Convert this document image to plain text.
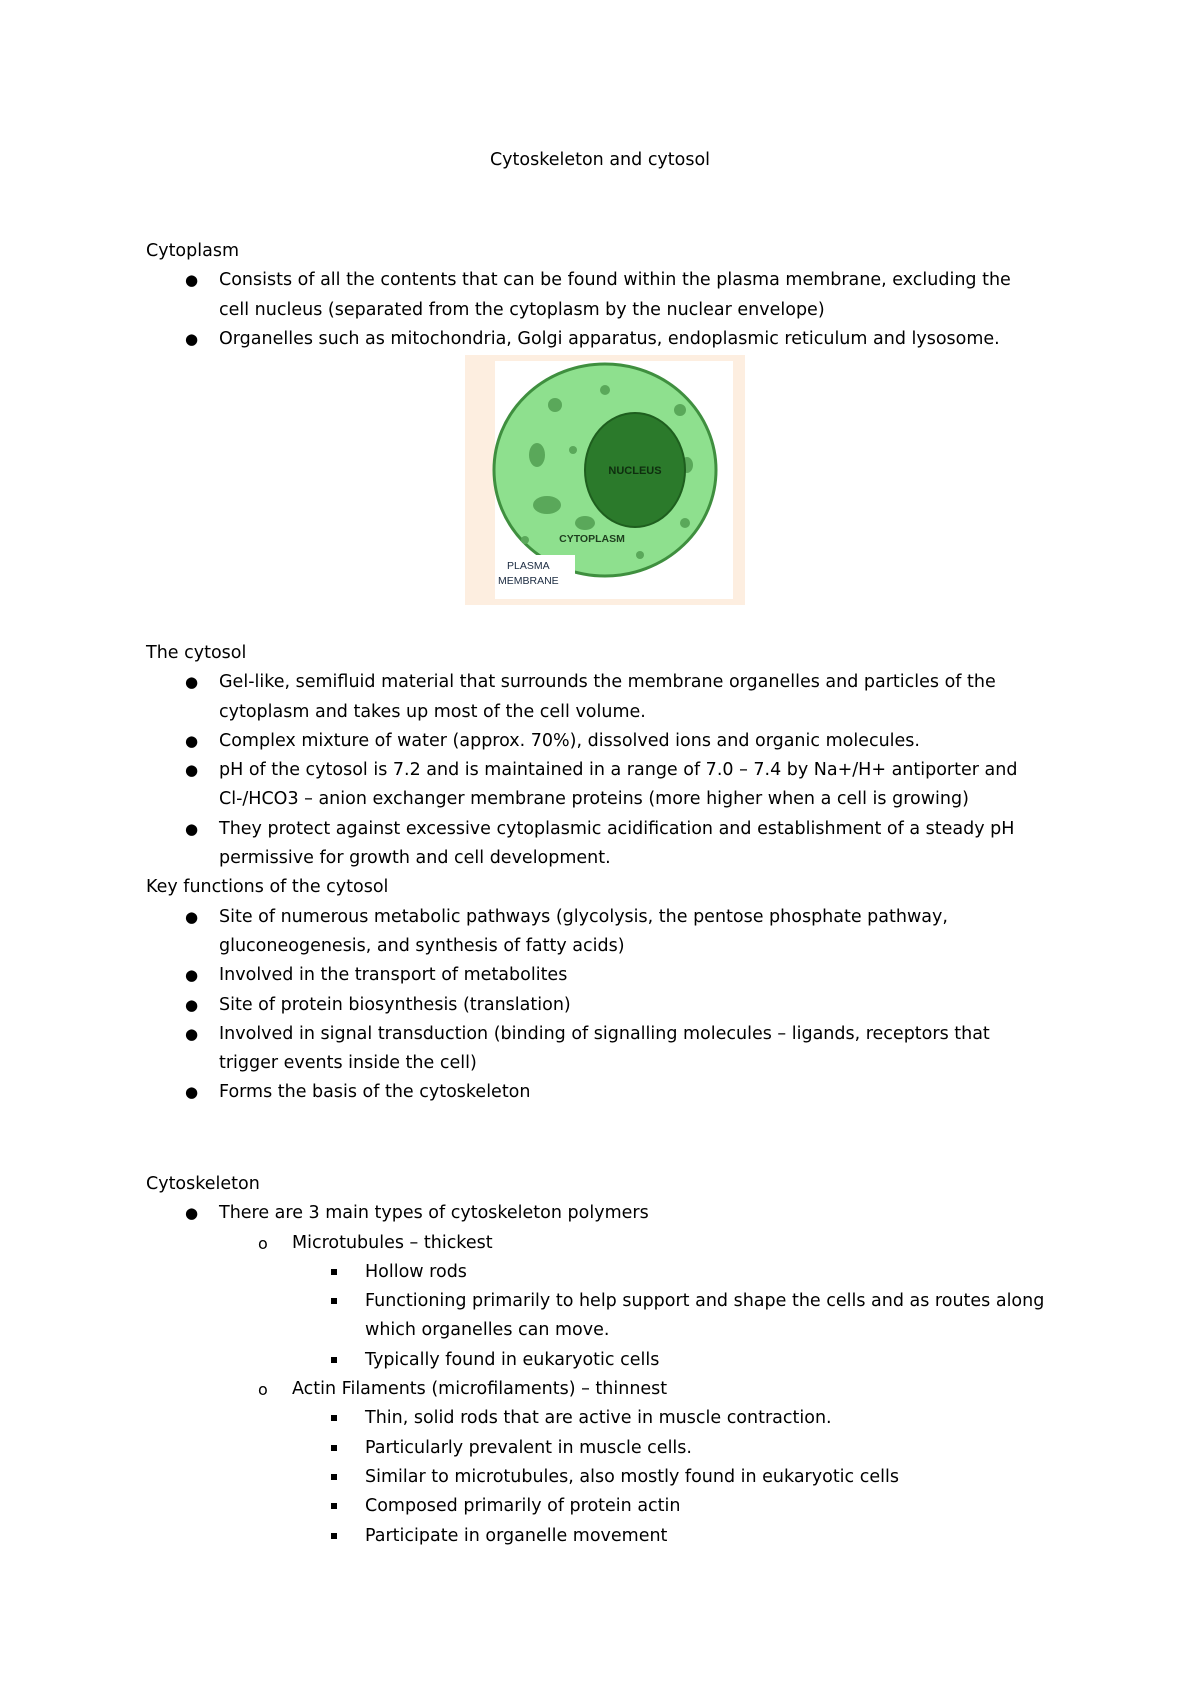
Cytoskeleton and cytosol
Cytoplasm
● Consists of all the contents that can be found within the plasma membrane, excluding the cell nucleus (separated from the cytoplasm by the nuclear envelope)
● Organelles such as mitochondria, Golgi apparatus, endoplasmic reticulum and lysosome.
NUCLEUS
CYTOPLASM
PLASMA
MEMBRANE
The cytosol
● Gel-like, semifluid material that surrounds the membrane organelles and particles of the cytoplasm and takes up most of the cell volume.
● Complex mixture of water (approx. 70%), dissolved ions and organic molecules.
● pH of the cytosol is 7.2 and is maintained in a range of 7.0 – 7.4 by Na+/H+ antiporter and Cl-/HCO3 – anion exchanger membrane proteins (more higher when a cell is growing)
● They protect against excessive cytoplasmic acidification and establishment of a steady pH permissive for growth and cell development.
Key functions of the cytosol
● Site of numerous metabolic pathways (glycolysis, the pentose phosphate pathway, gluconeogenesis, and synthesis of fatty acids)
● Involved in the transport of metabolites
● Site of protein biosynthesis (translation)
● Involved in signal transduction (binding of signalling molecules – ligands, receptors that trigger events inside the cell)
● Forms the basis of the cytoskeleton
Cytoskeleton
● There are 3 main types of cytoskeleton polymers
o Microtubules – thickest
Hollow rods
Functioning primarily to help support and shape the cells and as routes along which organelles can move.
Typically found in eukaryotic cells
o Actin Filaments (microfilaments) – thinnest
Thin, solid rods that are active in muscle contraction.
Particularly prevalent in muscle cells.
Similar to microtubules, also mostly found in eukaryotic cells
Composed primarily of protein actin
Participate in organelle movement
